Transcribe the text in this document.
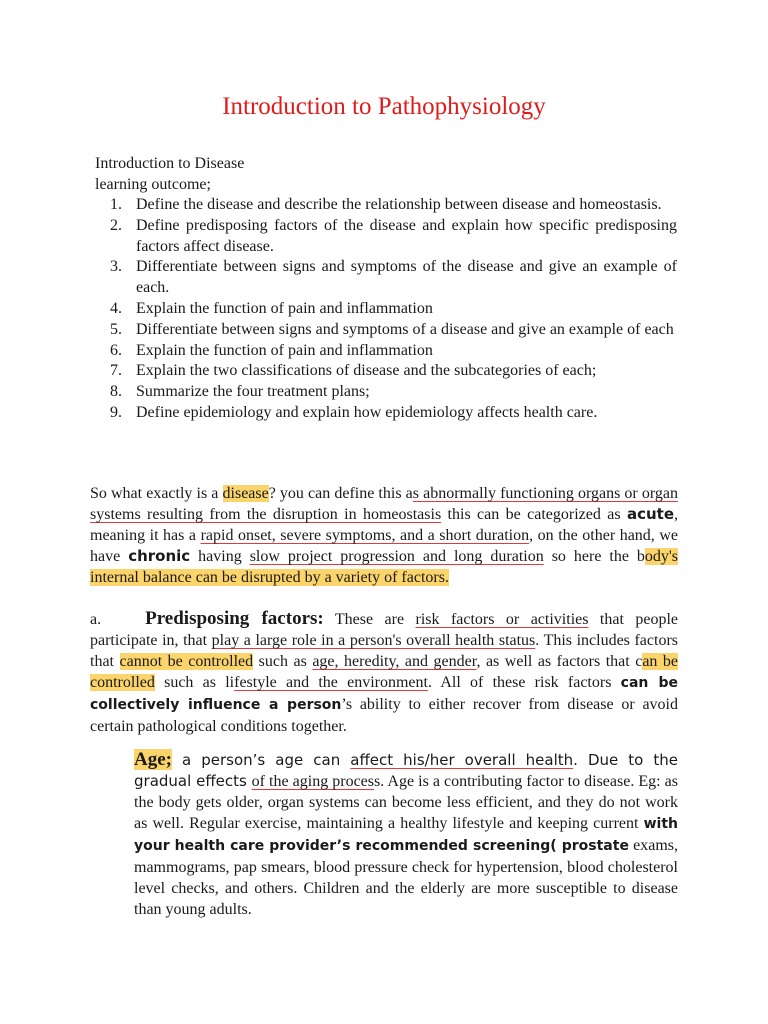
Introduction to Pathophysiology
Introduction to Disease
learning outcome;
1. Define the disease and describe the relationship between disease and homeostasis.
2. Define predisposing factors of the disease and explain how specific predisposing factors affect disease.
3. Differentiate between signs and symptoms of the disease and give an example of each.
4. Explain the function of pain and inflammation
5. Differentiate between signs and symptoms of a disease and give an example of each
6. Explain the function of pain and inflammation
7. Explain the two classifications of disease and the subcategories of each;
8. Summarize the four treatment plans;
9. Define epidemiology and explain how epidemiology affects health care.

So what exactly is a disease? you can define this as abnormally functioning organs or organ systems resulting from the disruption in homeostasis this can be categorized as acute, meaning it has a rapid onset, severe symptoms, and a short duration, on the other hand, we have chronic having slow project progression and long duration so here the body's internal balance can be disrupted by a variety of factors.

a. Predisposing factors: These are risk factors or activities that people participate in, that play a large role in a person's overall health status. This includes factors that cannot be controlled such as age, heredity, and gender, as well as factors that can be controlled such as lifestyle and the environment. All of these risk factors can be collectively influence a person’s ability to either recover from disease or avoid certain pathological conditions together.

Age; a person’s age can affect his/her overall health. Due to the gradual effects of the aging process. Age is a contributing factor to disease. Eg: as the body gets older, organ systems can become less efficient, and they do not work as well. Regular exercise, maintaining a healthy lifestyle and keeping current with your health care provider’s recommended screening( prostate exams, mammograms, pap smears, blood pressure check for hypertension, blood cholesterol level checks, and others. Children and the elderly are more susceptible to disease than young adults.
